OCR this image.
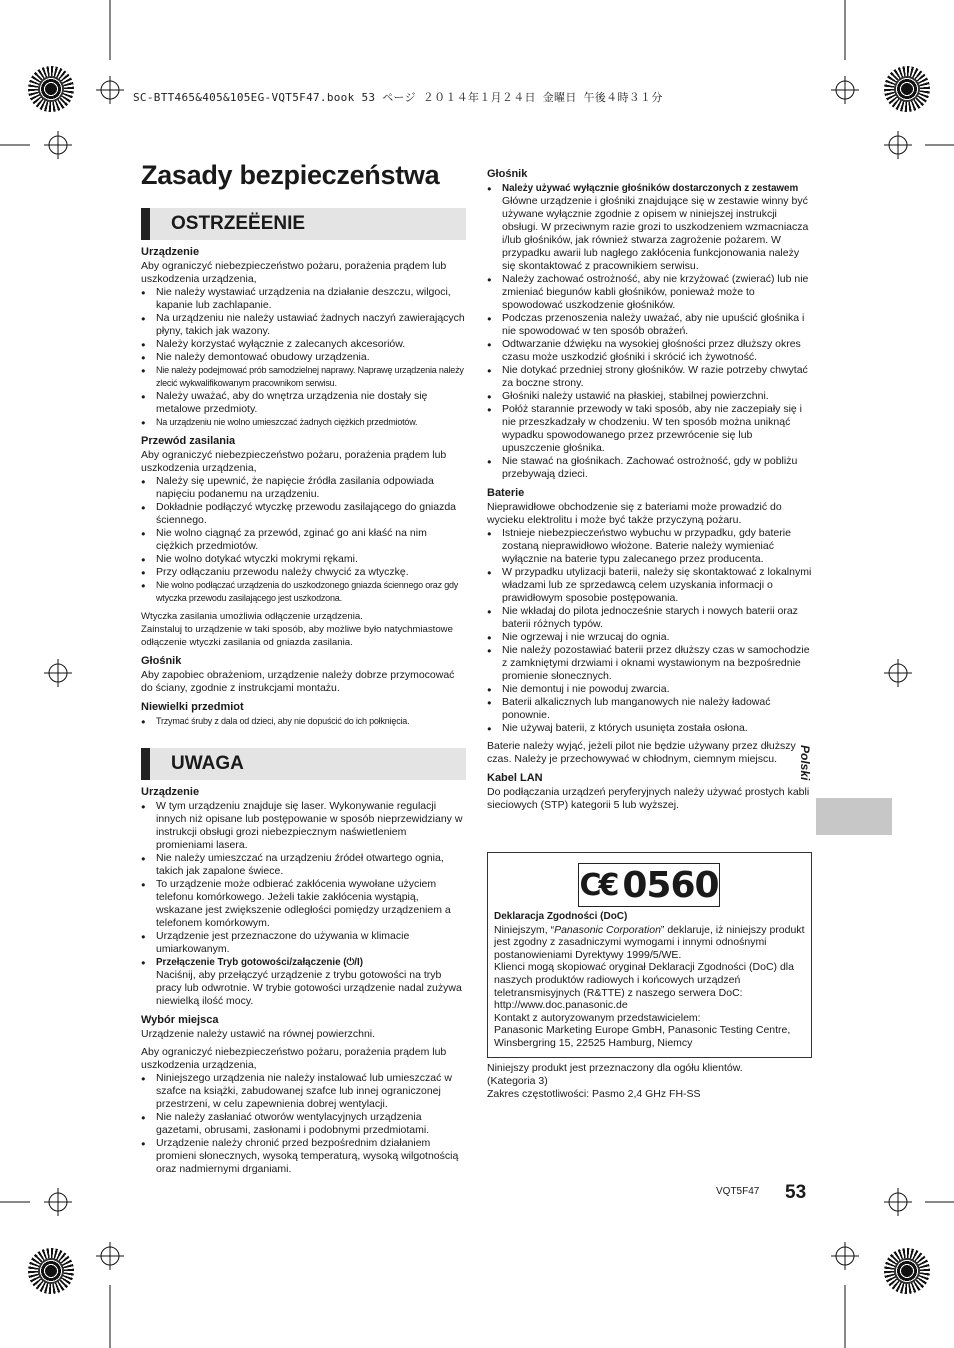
SC-BTT465&405&105EG-VQT5F47.book 53 ページ ２０１４年１月２４日 金曜日 午後４時３１分
Zasady bezpieczeństwa
OSTRZEËENIE
Urządzenie

Aby ograniczyć niebezpieczeństwo pożaru, porażenia prądem lub uszkodzenia urządzenia,

● Nie należy wystawiać urządzenia na działanie deszczu, wilgoci, kapanie lub zachlapanie.
● Na urządzeniu nie należy ustawiać żadnych naczyń zawierających płyny, takich jak wazony.
● Należy korzystać wyłącznie z zalecanych akcesoriów.
● Nie należy demontować obudowy urządzenia.
● Nie należy podejmować prób samodzielnej naprawy. Naprawę urządzenia należy zlecić wykwalifikowanym pracownikom serwisu.
● Należy uważać, aby do wnętrza urządzenia nie dostały się metalowe przedmioty.
● Na urządzeniu nie wolno umieszczać żadnych ciężkich przedmiotów.
Przewód zasilania

Aby ograniczyć niebezpieczeństwo pożaru, porażenia prądem lub uszkodzenia urządzenia,

● Należy się upewnić, że napięcie źródła zasilania odpowiada napięciu podanemu na urządzeniu.
● Dokładnie podłączyć wtyczkę przewodu zasilającego do gniazda ściennego.
● Nie wolno ciągnąć za przewód, zginać go ani kłaść na nim ciężkich przedmiotów.
● Nie wolno dotykać wtyczki mokrymi rękami.
● Przy odłączaniu przewodu należy chwycić za wtyczkę.
● Nie wolno podłączać urządzenia do uszkodzonego gniazda ściennego oraz gdy wtyczka przewodu zasilającego jest uszkodzona.

Wtyczka zasilania umożliwia odłączenie urządzenia.
Zainstaluj to urządzenie w taki sposób, aby możliwe było natychmiastowe odłączenie wtyczki zasilania od gniazda zasilania.

Głośnik

Aby zapobiec obrażeniom, urządzenie należy dobrze przymocować do ściany, zgodnie z instrukcjami montażu.

Niewielki przedmiot
● Trzymać śruby z dala od dzieci, aby nie dopuścić do ich połknięcia.
UWAGA
Urządzenie
● W tym urządzeniu znajduje się laser. Wykonywanie regulacji innych niż opisane lub postępowanie w sposób nieprzewidziany w instrukcji obsługi grozi niebezpiecznym naświetleniem promieniami lasera.
● Nie należy umieszczać na urządzeniu źródeł otwartego ognia, takich jak zapalone świece.
● To urządzenie może odbierać zakłócenia wywołane użyciem telefonu komórkowego. Jeżeli takie zakłócenia wystąpią, wskazane jest zwiększenie odległości pomiędzy urządzeniem a telefonem komórkowym.
● Urządzenie jest przeznaczone do używania w klimacie umiarkowanym.
● Przełączenie Tryb gotowości/załączenie (⏻/I)
Naciśnij, aby przełączyć urządzenie z trybu gotowości na tryb pracy lub odwrotnie. W trybie gotowości urządzenie nadal zużywa niewielką ilość mocy.
Wybór miejsca

Urządzenie należy ustawić na równej powierzchni.

Aby ograniczyć niebezpieczeństwo pożaru, porażenia prądem lub uszkodzenia urządzenia,

● Niniejszego urządzenia nie należy instalować lub umieszczać w szafce na książki, zabudowanej szafce lub innej ograniczonej przestrzeni, w celu zapewnienia dobrej wentylacji.
● Nie należy zasłaniać otworów wentylacyjnych urządzenia gazetami, obrusami, zasłonami i podobnymi przedmiotami.
● Urządzenie należy chronić przed bezpośrednim działaniem promieni słonecznych, wysoką temperaturą, wysoką wilgotnością oraz nadmiernymi drganiami.
Głośnik
● Należy używać wyłącznie głośników dostarczonych z zestawem
Główne urządzenie i głośniki znajdujące się w zestawie winny być używane wyłącznie zgodnie z opisem w niniejszej instrukcji obsługi. W przeciwnym razie grozi to uszkodzeniem wzmacniacza i/lub głośników, jak również stwarza zagrożenie pożarem. W przypadku awarii lub nagłego zakłócenia funkcjonowania należy się skontaktować z pracownikiem serwisu.
● Należy zachować ostrożność, aby nie krzyżować (zwierać) lub nie zmieniać biegunów kabli głośników, ponieważ może to spowodować uszkodzenie głośników.
● Podczas przenoszenia należy uważać, aby nie upuścić głośnika i nie spowodować w ten sposób obrażeń.
● Odtwarzanie dźwięku na wysokiej głośności przez dłuższy okres czasu może uszkodzić głośniki i skrócić ich żywotność.
● Nie dotykać przedniej strony głośników. W razie potrzeby chwytać za boczne strony.
● Głośniki należy ustawić na płaskiej, stabilnej powierzchni.
● Połóż starannie przewody w taki sposób, aby nie zaczepiały się i nie przeszkadzały w chodzeniu. W ten sposób można uniknąć wypadku spowodowanego przez przewrócenie się lub upuszczenie głośnika.
● Nie stawać na głośnikach. Zachować ostrożność, gdy w pobliżu przebywają dzieci.
Baterie

Nieprawidłowe obchodzenie się z bateriami może prowadzić do wycieku elektrolitu i może być także przyczyną pożaru.

● Istnieje niebezpieczeństwo wybuchu w przypadku, gdy baterie zostaną nieprawidłowo włożone. Baterie należy wymieniać wyłącznie na baterie typu zalecanego przez producenta.
● W przypadku utylizacji baterii, należy się skontaktować z lokalnymi władzami lub ze sprzedawcą celem uzyskania informacji o prawidłowym sposobie postępowania.
● Nie wkładaj do pilota jednocześnie starych i nowych baterii oraz baterii różnych typów.
● Nie ogrzewaj i nie wrzucaj do ognia.
● Nie należy pozostawiać baterii przez dłuższy czas w samochodzie z zamkniętymi drzwiami i oknami wystawionym na bezpośrednie promienie słonecznych.
● Nie demontuj i nie powoduj zwarcia.
● Baterii alkalicznych lub manganowych nie należy ładować ponownie.
● Nie używaj baterii, z których usunięta została osłona.

Baterie należy wyjąć, jeżeli pilot nie będzie używany przez dłuższy czas. Należy je przechowywać w chłodnym, ciemnym miejscu.

Kabel LAN

Do podłączania urządzeń peryferyjnych należy używać prostych kabli sieciowych (STP) kategorii 5 lub wyższej.

C€ 0560
Deklaracja Zgodności (DoC)

Niniejszym, “Panasonic Corporation” deklaruje, iż niniejszy produkt jest zgodny z zasadniczymi wymogami i innymi odnośnymi postanowieniami Dyrektywy 1999/5/WE.

Klienci mogą skopiować oryginał Deklaracji Zgodności (DoC) dla naszych produktów radiowych i końcowych urządzeń teletransmisyjnych (R&TTE) z naszego serwera DoC:

http://www.doc.panasonic.de

Kontakt z autoryzowanym przedstawicielem:

Panasonic Marketing Europe GmbH, Panasonic Testing Centre, Winsbergring 15, 22525 Hamburg, Niemcy

Niniejszy produkt jest przeznaczony dla ogółu klientów. (Kategoria 3)

Zakres częstotliwości: Pasmo 2,4 GHz FH-SS

Polski
VQT5F47 53
